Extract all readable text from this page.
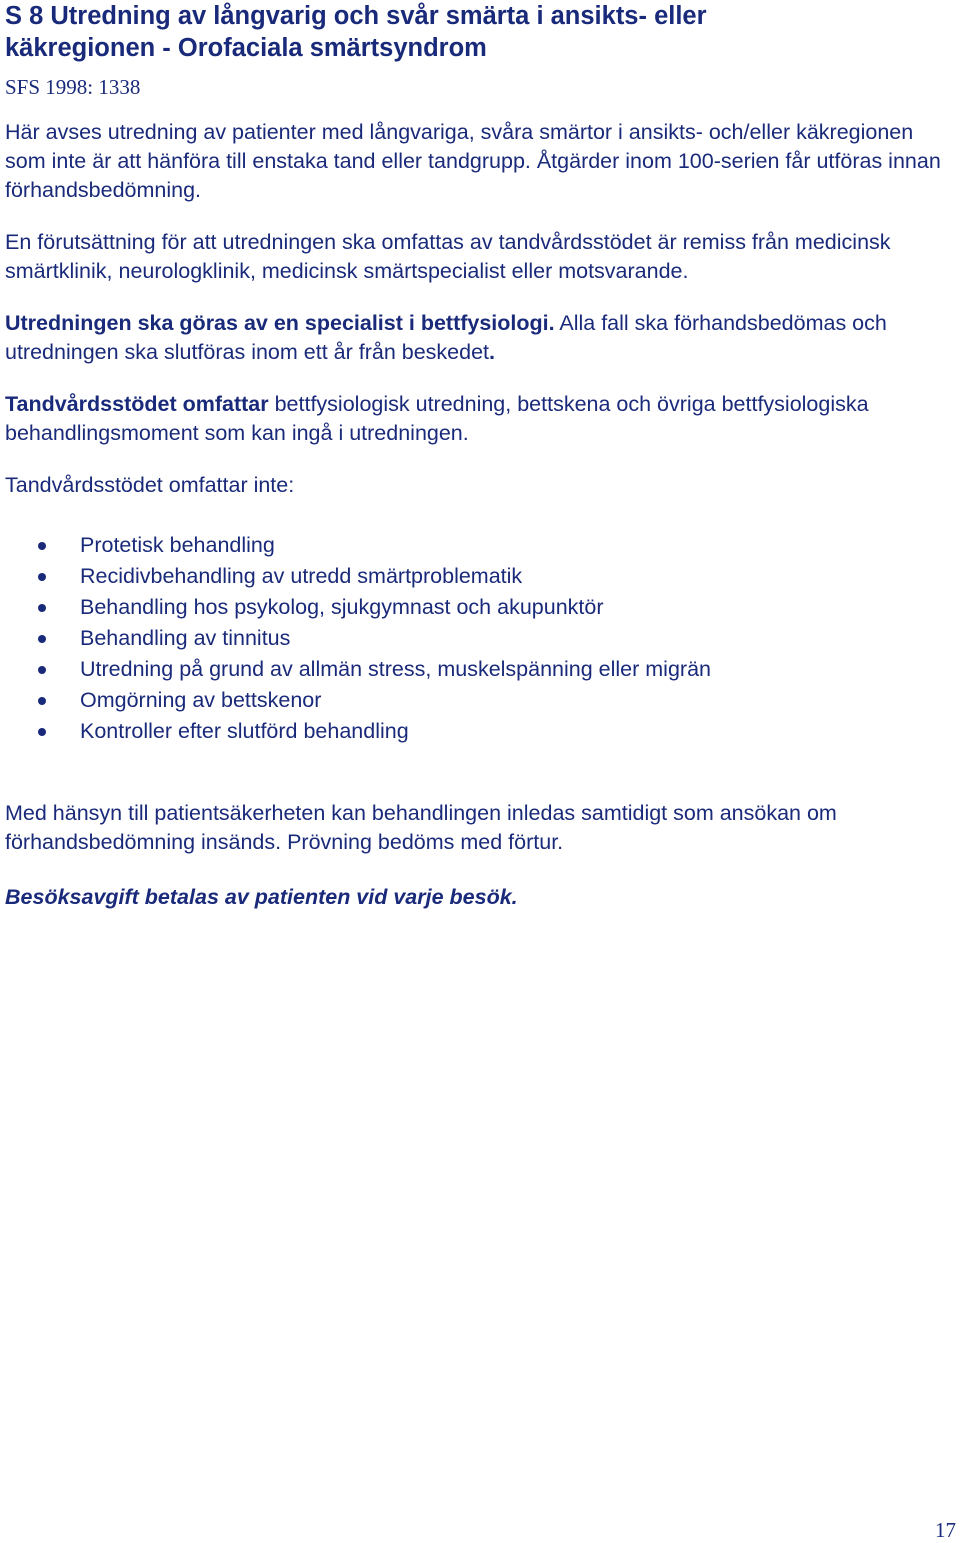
S 8 Utredning av långvarig och svår smärta i ansikts- eller
käkregionen - Orofaciala smärtsyndrom
SFS 1998: 1338

Här avses utredning av patienter med långvariga, svåra smärtor i ansikts- och/eller käkregionen som inte är att hänföra till enstaka tand eller tandgrupp. Åtgärder inom 100-serien får utföras innan förhandsbedömning.

En förutsättning för att utredningen ska omfattas av tandvårdsstödet är remiss från medicinsk smärtklinik, neurologklinik, medicinsk smärtspecialist eller motsvarande.

Utredningen ska göras av en specialist i bettfysiologi. Alla fall ska förhandsbedömas och utredningen ska slutföras inom ett år från beskedet.

Tandvårdsstödet omfattar bettfysiologisk utredning, bettskena och övriga bettfysiologiska behandlingsmoment som kan ingå i utredningen.

Tandvårdsstödet omfattar inte:

Protetisk behandling
Recidivbehandling av utredd smärtproblematik
Behandling hos psykolog, sjukgymnast och akupunktör
Behandling av tinnitus
Utredning på grund av allmän stress, muskelspänning eller migrän
Omgörning av bettskenor
Kontroller efter slutförd behandling

Med hänsyn till patientsäkerheten kan behandlingen inledas samtidigt som ansökan om förhandsbedömning insänds. Prövning bedöms med förtur.

Besöksavgift betalas av patienten vid varje besök.

17
